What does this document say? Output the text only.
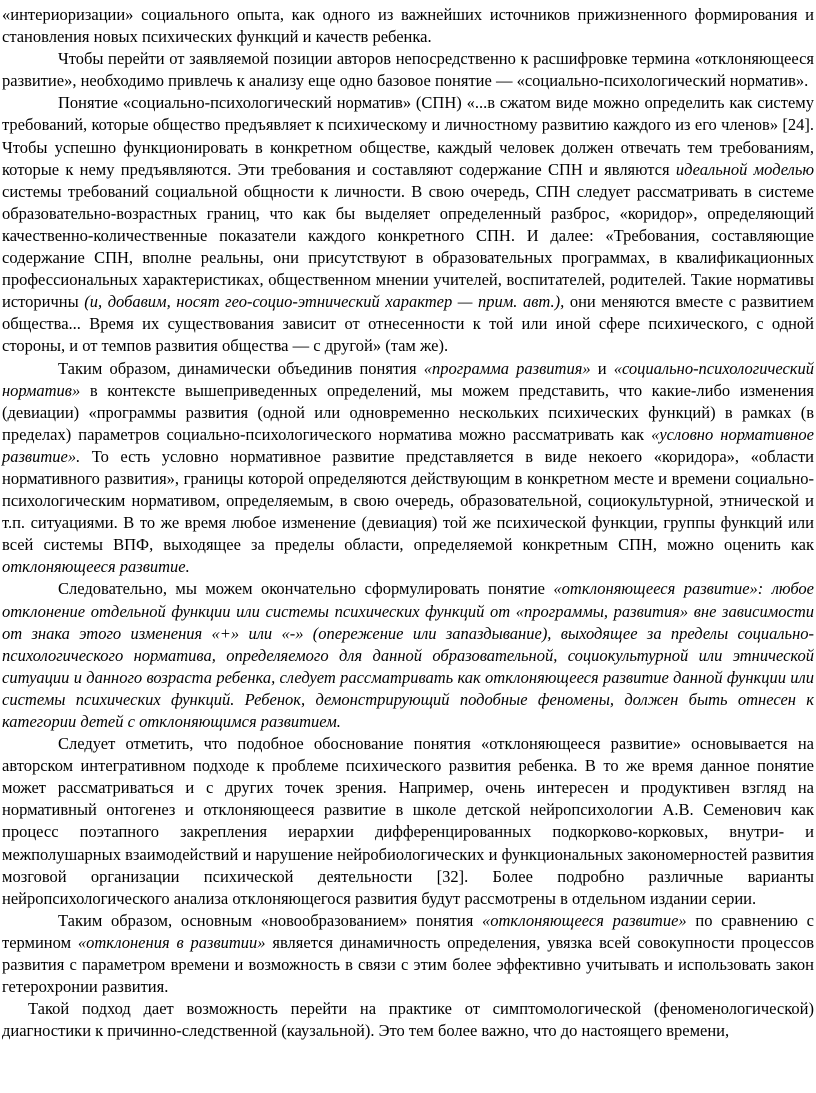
«интериоризации» социального опыта, как одного из важнейших источников прижизненного формирования и становления новых психических функций и качеств ребенка.

Чтобы перейти от заявляемой позиции авторов непосредственно к расшифровке термина «отклоняющееся развитие», необходимо привлечь к анализу еще одно базовое понятие — «социально-психологический норматив».

Понятие «социально-психологический норматив» (СПН) «...в сжатом виде можно определить как систему требований, которые общество предъявляет к психическому и личностному развитию каждого из его членов» [24]. Чтобы успешно функционировать в конкретном обществе, каждый человек должен отвечать тем требованиям, которые к нему предъявляются. Эти требования и составляют содержание СПН и являются идеальной моделью системы требований социальной общности к личности. В свою очередь, СПН следует рассматривать в системе образовательно-возрастных границ, что как бы выделяет определенный разброс, «коридор», определяющий качественно-количественные показатели каждого конкретного СПН. И далее: «Требования, составляющие содержание СПН, вполне реальны, они присутствуют в образовательных программах, в квалификационных профессиональных характеристиках, общественном мнении учителей, воспитателей, родителей. Такие нормативы историчны (и, добавим, носят гео-социо-этнический характер — прим. авт.), они меняются вместе с развитием общества... Время их существования зависит от отнесенности к той или иной сфере психического, с одной стороны, и от темпов развития общества — с другой» (там же).

Таким образом, динамически объединив понятия «программа развития» и «социально-психологический норматив» в контексте вышеприведенных определений, мы можем представить, что какие-либо изменения (девиации) «программы развития (одной или одновременно нескольких психических функций) в рамках (в пределах) параметров социально-психологического норматива можно рассматривать как «условно нормативное развитие». То есть условно нормативное развитие представляется в виде некоего «коридора», «области нормативного развития», границы которой определяются действующим в конкретном месте и времени социально-психологическим нормативом, определяемым, в свою очередь, образовательной, социокультурной, этнической и т.п. ситуациями. В то же время любое изменение (девиация) той же психической функции, группы функций или всей системы ВПФ, выходящее за пределы области, определяемой конкретным СПН, можно оценить как отклоняющееся развитие.

Следовательно, мы можем окончательно сформулировать понятие «отклоняющееся развитие»: любое отклонение отдельной функции или системы психических функций от «программы, развития» вне зависимости от знака этого изменения «+» или «-» (опережение или запаздывание), выходящее за пределы социально-психологического норматива, определяемого для данной образовательной, социокультурной или этнической ситуации и данного возраста ребенка, следует рассматривать как отклоняющееся развитие данной функции или системы психических функций. Ребенок, демонстрирующий подобные феномены, должен быть отнесен к категории детей с отклоняющимся развитием.

Следует отметить, что подобное обоснование понятия «отклоняющееся развитие» основывается на авторском интегративном подходе к проблеме психического развития ребенка. В то же время данное понятие может рассматриваться и с других точек зрения. Например, очень интересен и продуктивен взгляд на нормативный онтогенез и отклоняющееся развитие в школе детской нейропсихологии А.В. Семенович как процесс поэтапного закрепления иерархии дифференцированных подкорково-корковых, внутри- и межполушарных взаимодействий и нарушение нейробиологических и функциональных закономерностей развития мозговой организации психической деятельности [32]. Более подробно различные варианты нейропсихологического анализа отклоняющегося развития будут рассмотрены в отдельном издании серии.

Таким образом, основным «новообразованием» понятия «отклоняющееся развитие» по сравнению с термином «отклонения в развитии» является динамичность определения, увязка всей совокупности процессов развития с параметром времени и возможность в связи с этим более эффективно учитывать и использовать закон гетерохронии развития.

Такой подход дает возможность перейти на практике от симптомологической (феноменологической) диагностики к причинно-следственной (каузальной). Это тем более важно, что до настоящего времени,
